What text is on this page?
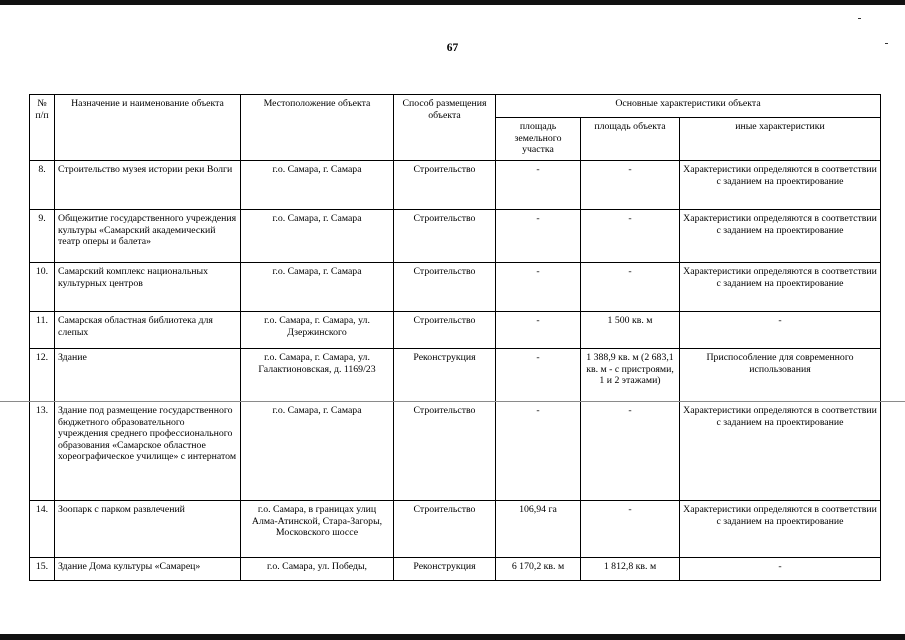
67
№ п/п	Назначение и наименование объекта	Местоположение объекта	Способ размещения объекта	Основные характеристики объекта		
				площадь земельного участка	площадь объекта	иные характеристики
8.	Строительство музея истории реки Волги	г.о. Самара, г. Самара	Строительство	-	-	Характеристики определяются в соответствии с заданием на проектирование
9.	Общежитие государственного учреждения культуры «Самарский академический театр оперы и балета»	г.о. Самара, г. Самара	Строительство	-	-	Характеристики определяются в соответствии с заданием на проектирование
10.	Самарский комплекс национальных культурных центров	г.о. Самара, г. Самара	Строительство	-	-	Характеристики определяются в соответствии с заданием на проектирование
11.	Самарская областная библиотека для слепых	г.о. Самара, г. Самара, ул. Дзержинского	Строительство	-	1 500 кв. м	-
12.	Здание	г.о. Самара, г. Самара, ул. Галактионовская, д. 1169/23	Реконструкция	-	1 388,9 кв. м (2 683,1 кв. м - с пристроями, 1 и 2 этажами)	Приспособление для современного использования
13.	Здание под размещение государственного бюджетного образовательного учреждения среднего профессионального образования «Самарское областное хореографическое училище» с интернатом	г.о. Самара, г. Самара	Строительство	-	-	Характеристики определяются в соответствии с заданием на проектирование
14.	Зоопарк с парком развлечений	г.о. Самара, в границах улиц Алма-Атинской, Стара-Загоры, Московского шоссе	Строительство	106,94 га	-	Характеристики определяются в соответствии с заданием на проектирование
15.	Здание Дома культуры «Самарец»	г.о. Самара, ул. Победы,	Реконструкция	6 170,2 кв. м	1 812,8 кв. м	-
